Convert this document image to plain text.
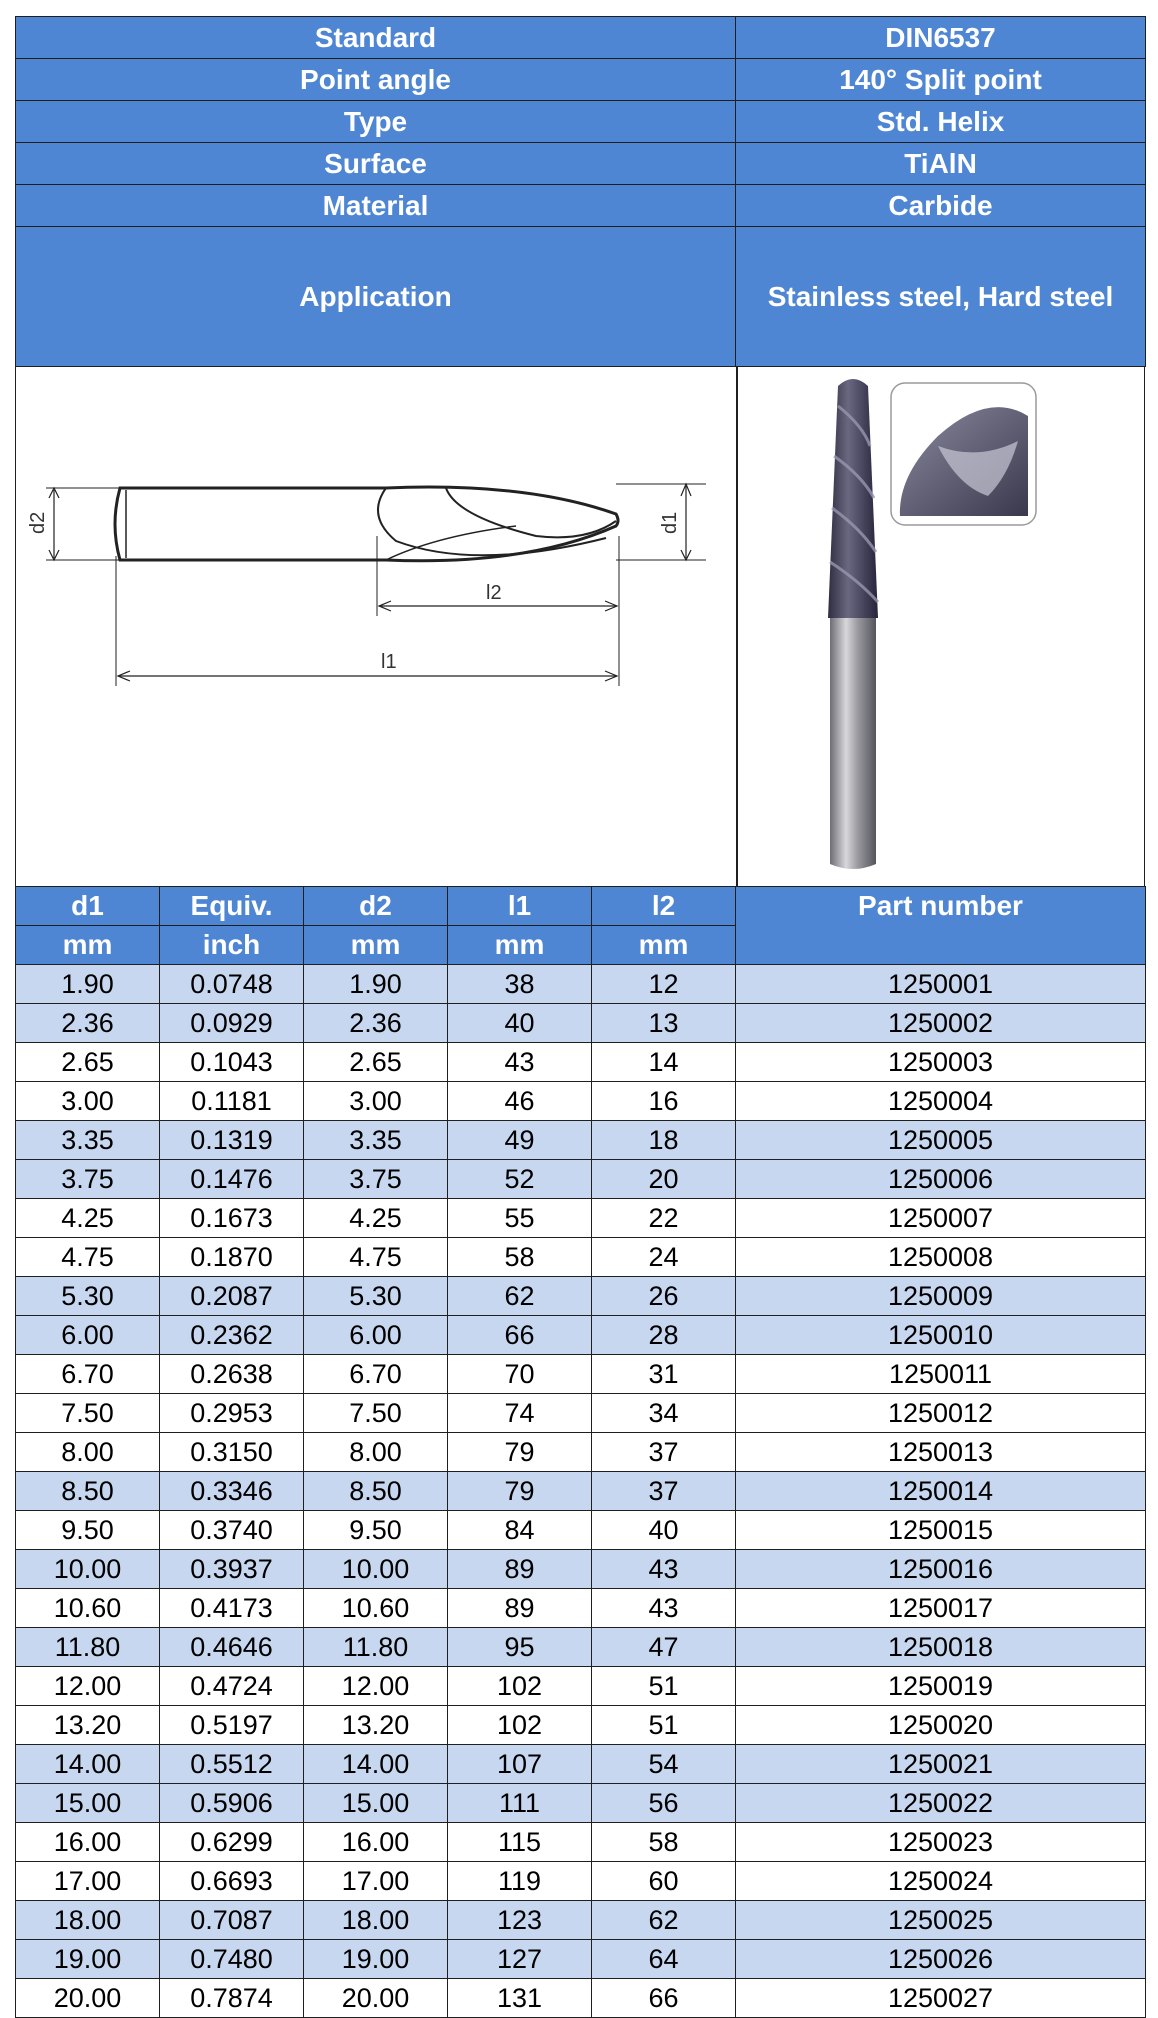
Standard	DIN6537
Point angle	140° Split point
Type	Std. Helix
Surface	TiAlN
Material	Carbide
Application	Stainless steel, Hard steel
d2	d1
l2
l1
d1	Equiv.	d2	l1	l2	Part number
mm	inch	mm	mm	mm	
1.90	0.0748	1.90	38	12	1250001
2.36	0.0929	2.36	40	13	1250002
2.65	0.1043	2.65	43	14	1250003
3.00	0.1181	3.00	46	16	1250004
3.35	0.1319	3.35	49	18	1250005
3.75	0.1476	3.75	52	20	1250006
4.25	0.1673	4.25	55	22	1250007
4.75	0.1870	4.75	58	24	1250008
5.30	0.2087	5.30	62	26	1250009
6.00	0.2362	6.00	66	28	1250010
6.70	0.2638	6.70	70	31	1250011
7.50	0.2953	7.50	74	34	1250012
8.00	0.3150	8.00	79	37	1250013
8.50	0.3346	8.50	79	37	1250014
9.50	0.3740	9.50	84	40	1250015
10.00	0.3937	10.00	89	43	1250016
10.60	0.4173	10.60	89	43	1250017
11.80	0.4646	11.80	95	47	1250018
12.00	0.4724	12.00	102	51	1250019
13.20	0.5197	13.20	102	51	1250020
14.00	0.5512	14.00	107	54	1250021
15.00	0.5906	15.00	111	56	1250022
16.00	0.6299	16.00	115	58	1250023
17.00	0.6693	17.00	119	60	1250024
18.00	0.7087	18.00	123	62	1250025
19.00	0.7480	19.00	127	64	1250026
20.00	0.7874	20.00	131	66	1250027
